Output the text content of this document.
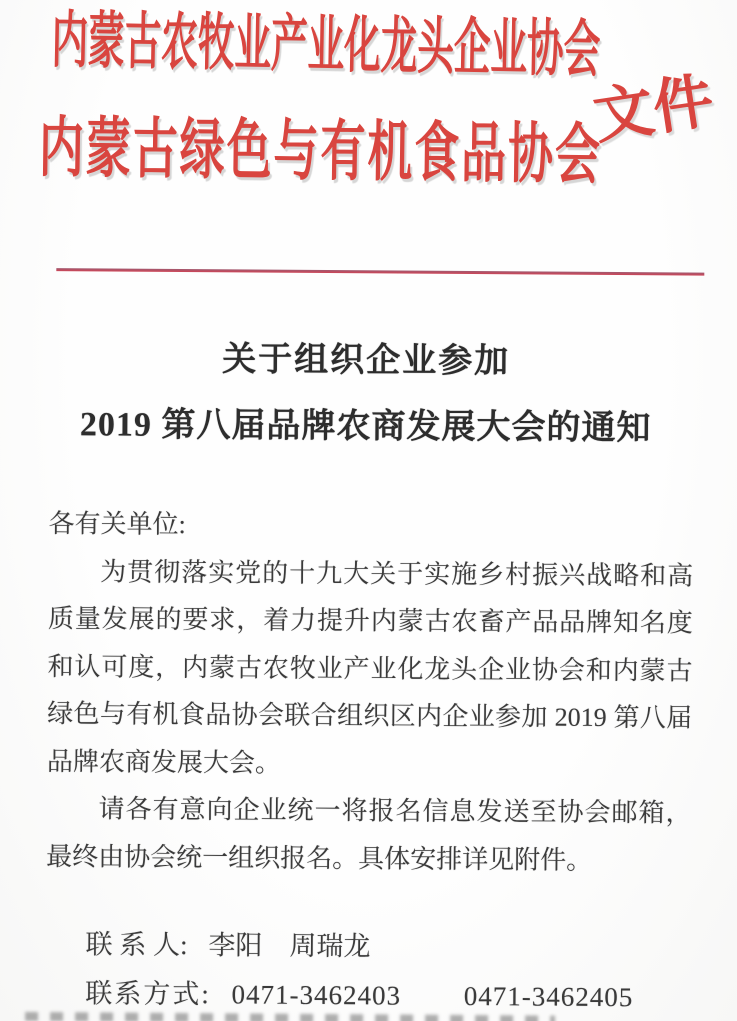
内蒙古农牧业产业化龙头企业协会
内蒙古绿色与有机食品协会
文件
关于组织企业参加
2019 第八届品牌农商发展大会的通知

各有关单位:

为贯彻落实党的十九大关于实施乡村振兴战略和高质量发展的要求，着力提升内蒙古农畜产品品牌知名度和认可度，内蒙古农牧业产业化龙头企业协会和内蒙古绿色与有机食品协会联合组织区内企业参加 2019 第八届品牌农商发展大会。

请各有意向企业统一将报名信息发送至协会邮箱，最终由协会统一组织报名。具体安排详见附件。

联 系 人: 李阳　周瑞龙
联系方式: 0471-3462403 0471-3462405
